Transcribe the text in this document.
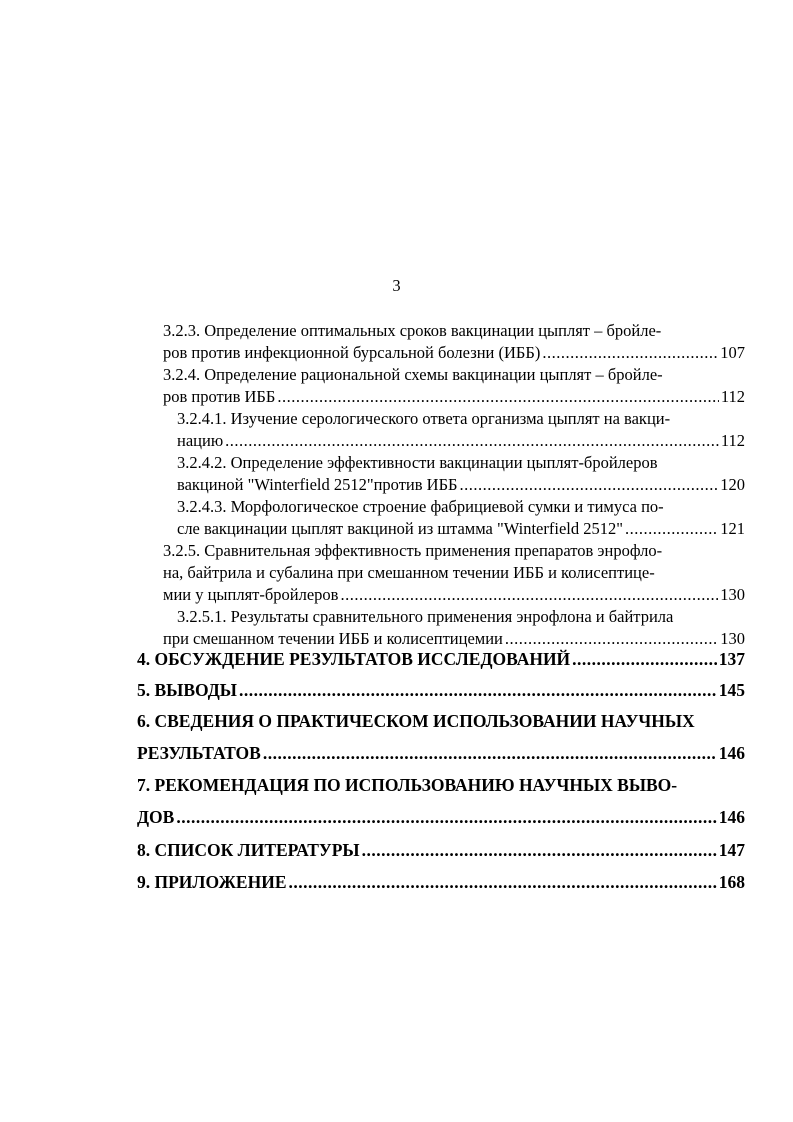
3
3.2.3. Определение оптимальных сроков вакцинации цыплят – бройле-
ров против инфекционной бурсальной болезни (ИББ) .....	107
3.2.4. Определение рациональной схемы вакцинации цыплят – бройле-
ров против ИББ .....	112
3.2.4.1. Изучение серологического ответа организма цыплят на вакци-
нацию .....	112
3.2.4.2. Определение эффективности вакцинации цыплят-бройлеров
вакциной "Winterfield 2512"против ИББ .....	120
3.2.4.3. Морфологическое строение фабрициевой сумки и тимуса по-
сле вакцинации цыплят вакциной из штамма "Winterfield 2512" .....	121
3.2.5. Сравнительная эффективность применения препаратов энрофло-
на, байтрила и субалина при смешанном течении ИББ и колисептице-
мии у цыплят-бройлеров .....	130
3.2.5.1. Результаты сравнительного применения энрофлона и байтрила
при смешанном течении ИББ и колисептицемии .....	130
4. ОБСУЖДЕНИЕ РЕЗУЛЬТАТОВ ИССЛЕДОВАНИЙ .....	137
5. ВЫВОДЫ .....	145
6. СВЕДЕНИЯ О ПРАКТИЧЕСКОМ ИСПОЛЬЗОВАНИИ НАУЧНЫХ
РЕЗУЛЬТАТОВ .....	146
7. РЕКОМЕНДАЦИЯ ПО ИСПОЛЬЗОВАНИЮ НАУЧНЫХ ВЫВО-
ДОВ .....	146
8. СПИСОК ЛИТЕРАТУРЫ .....	147
9. ПРИЛОЖЕНИЕ .....	168
